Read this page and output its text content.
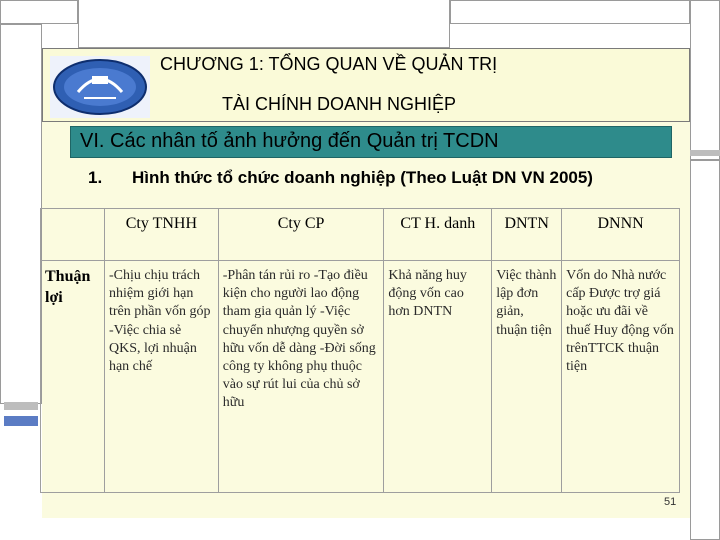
CHƯƠNG 1: TỔNG QUAN VỀ QUẢN TRỊ
TÀI CHÍNH DOANH NGHIỆP
VI. Các nhân tố ảnh hưởng đến Quản trị TCDN
1. Hình thức tổ chức doanh nghiệp (Theo Luật DN VN 2005)
	Cty TNHH	Cty CP	CT H. danh	DNTN	DNNN
Thuận lợi	-Chịu chịu trách nhiệm giới hạn trên phần vốn góp -Việc chia sẻ QKS, lợi nhuận hạn chế	-Phân tán rủi ro -Tạo điều kiện cho người lao động tham gia quản lý -Việc chuyển nhượng quyền sở hữu vốn dễ dàng -Đời sống công ty không phụ thuộc vào sự rút lui của chủ sở hữu	Khả năng huy động vốn cao hơn DNTN	Việc thành lập đơn giản, thuận tiện	Vốn do Nhà nước cấp Được trợ giá hoặc ưu đãi về thuế Huy động vốn trênTTCK thuận tiện
51
